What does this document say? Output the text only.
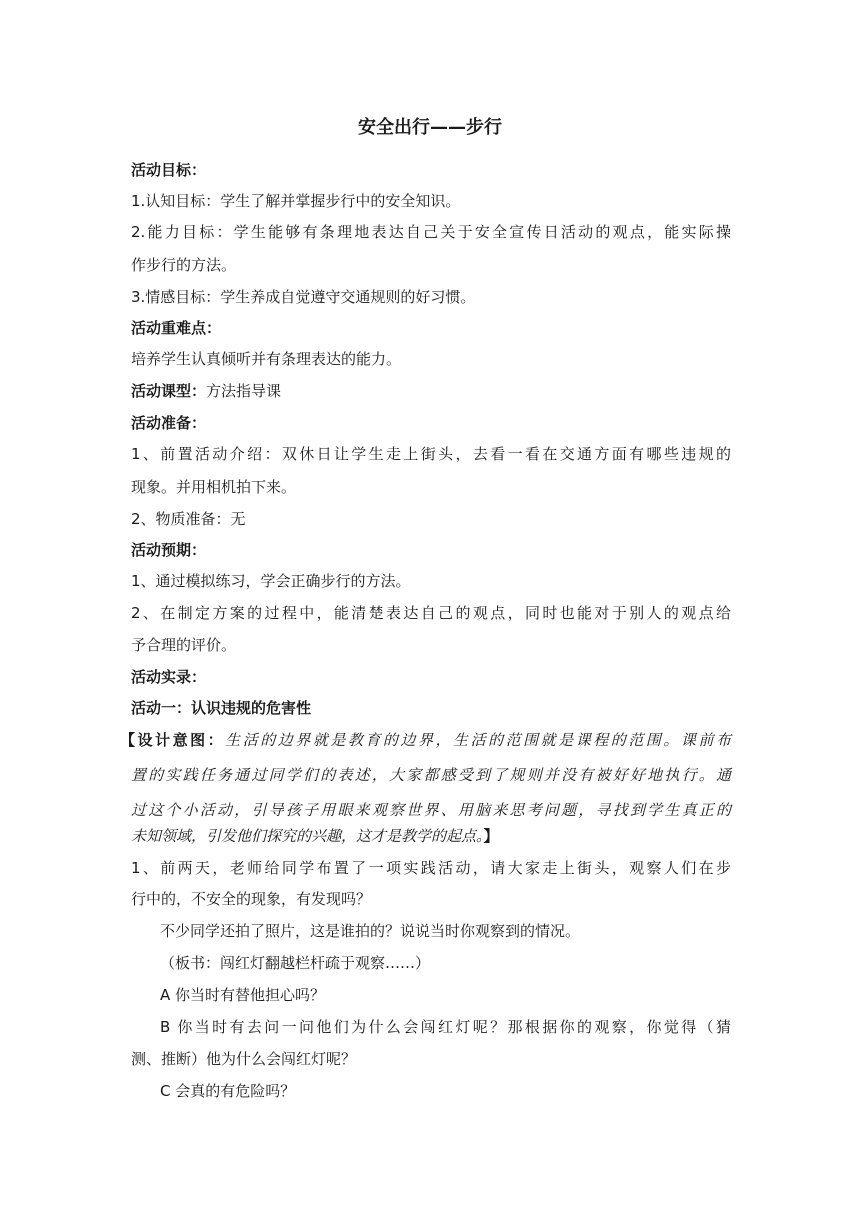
安全出行——步行
活动目标：
1.认知目标：学生了解并掌握步行中的安全知识。
2.能力目标：学生能够有条理地表达自己关于安全宣传日活动的观点，能实际操
作步行的方法。
3.情感目标：学生养成自觉遵守交通规则的好习惯。
活动重难点：
培养学生认真倾听并有条理表达的能力。
活动课型：方法指导课
活动准备：
1、前置活动介绍：双休日让学生走上街头，去看一看在交通方面有哪些违规的
现象。并用相机拍下来。
2、物质准备：无
活动预期：
1、通过模拟练习，学会正确步行的方法。
2、在制定方案的过程中，能清楚表达自己的观点，同时也能对于别人的观点给
予合理的评价。
活动实录：
活动一：认识违规的危害性
【设计意图：生活的边界就是教育的边界，生活的范围就是课程的范围。课前布
置的实践任务通过同学们的表述，大家都感受到了规则并没有被好好地执行。通
过这个小活动，引导孩子用眼来观察世界、用脑来思考问题，寻找到学生真正的
未知领域，引发他们探究的兴趣，这才是教学的起点。】
1、前两天，老师给同学布置了一项实践活动，请大家走上街头，观察人们在步
行中的，不安全的现象，有发现吗？
不少同学还拍了照片，这是谁拍的？说说当时你观察到的情况。
（板书：闯红灯翻越栏杆疏于观察……）
A 你当时有替他担心吗？
B 你当时有去问一问他们为什么会闯红灯呢？那根据你的观察，你觉得（猜
测、推断）他为什么会闯红灯呢？
C 会真的有危险吗？
